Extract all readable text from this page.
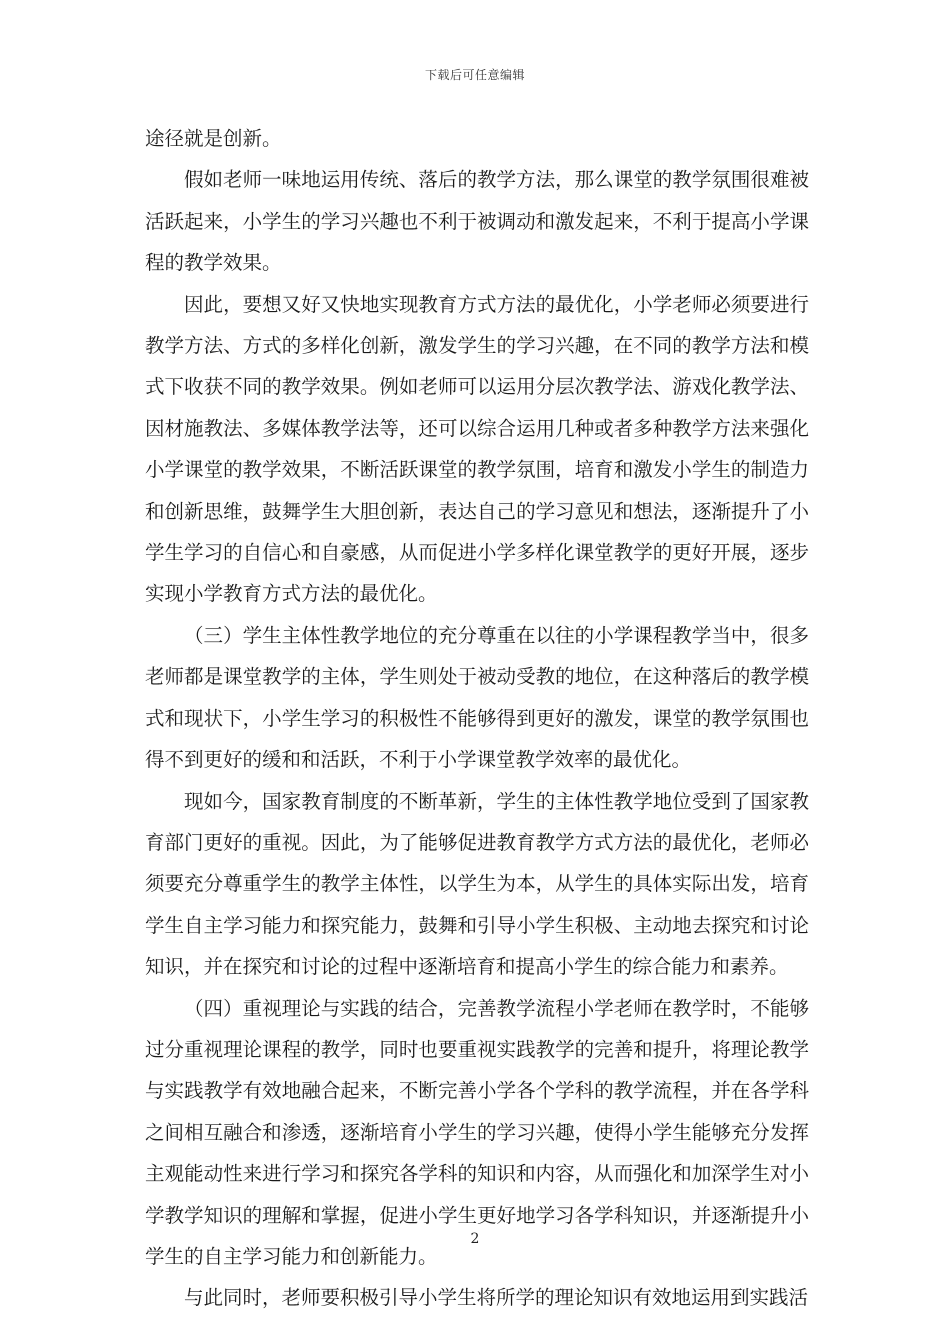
下载后可任意编辑

途径就是创新。

假如老师一味地运用传统、落后的教学方法，那么课堂的教学氛围很难被活跃起来，小学生的学习兴趣也不利于被调动和激发起来，不利于提高小学课程的教学效果。

因此，要想又好又快地实现教育方式方法的最优化，小学老师必须要进行教学方法、方式的多样化创新，激发学生的学习兴趣，在不同的教学方法和模式下收获不同的教学效果。例如老师可以运用分层次教学法、游戏化教学法、因材施教法、多媒体教学法等，还可以综合运用几种或者多种教学方法来强化小学课堂的教学效果，不断活跃课堂的教学氛围，培育和激发小学生的制造力和创新思维，鼓舞学生大胆创新，表达自己的学习意见和想法，逐渐提升了小学生学习的自信心和自豪感，从而促进小学多样化课堂教学的更好开展，逐步实现小学教育方式方法的最优化。

（三）学生主体性教学地位的充分尊重在以往的小学课程教学当中，很多老师都是课堂教学的主体，学生则处于被动受教的地位，在这种落后的教学模式和现状下，小学生学习的积极性不能够得到更好的激发，课堂的教学氛围也得不到更好的缓和和活跃，不利于小学课堂教学效率的最优化。

现如今，国家教育制度的不断革新，学生的主体性教学地位受到了国家教育部门更好的重视。因此，为了能够促进教育教学方式方法的最优化，老师必须要充分尊重学生的教学主体性，以学生为本，从学生的具体实际出发，培育学生自主学习能力和探究能力，鼓舞和引导小学生积极、主动地去探究和讨论知识，并在探究和讨论的过程中逐渐培育和提高小学生的综合能力和素养。

（四）重视理论与实践的结合，完善教学流程小学老师在教学时，不能够过分重视理论课程的教学，同时也要重视实践教学的完善和提升，将理论教学与实践教学有效地融合起来，不断完善小学各个学科的教学流程，并在各学科之间相互融合和渗透，逐渐培育小学生的学习兴趣，使得小学生能够充分发挥主观能动性来进行学习和探究各学科的知识和内容，从而强化和加深学生对小学教学知识的理解和掌握，促进小学生更好地学习各学科知识，并逐渐提升小学生的自主学习能力和创新能力。

与此同时，老师要积极引导小学生将所学的理论知识有效地运用到实践活

2
